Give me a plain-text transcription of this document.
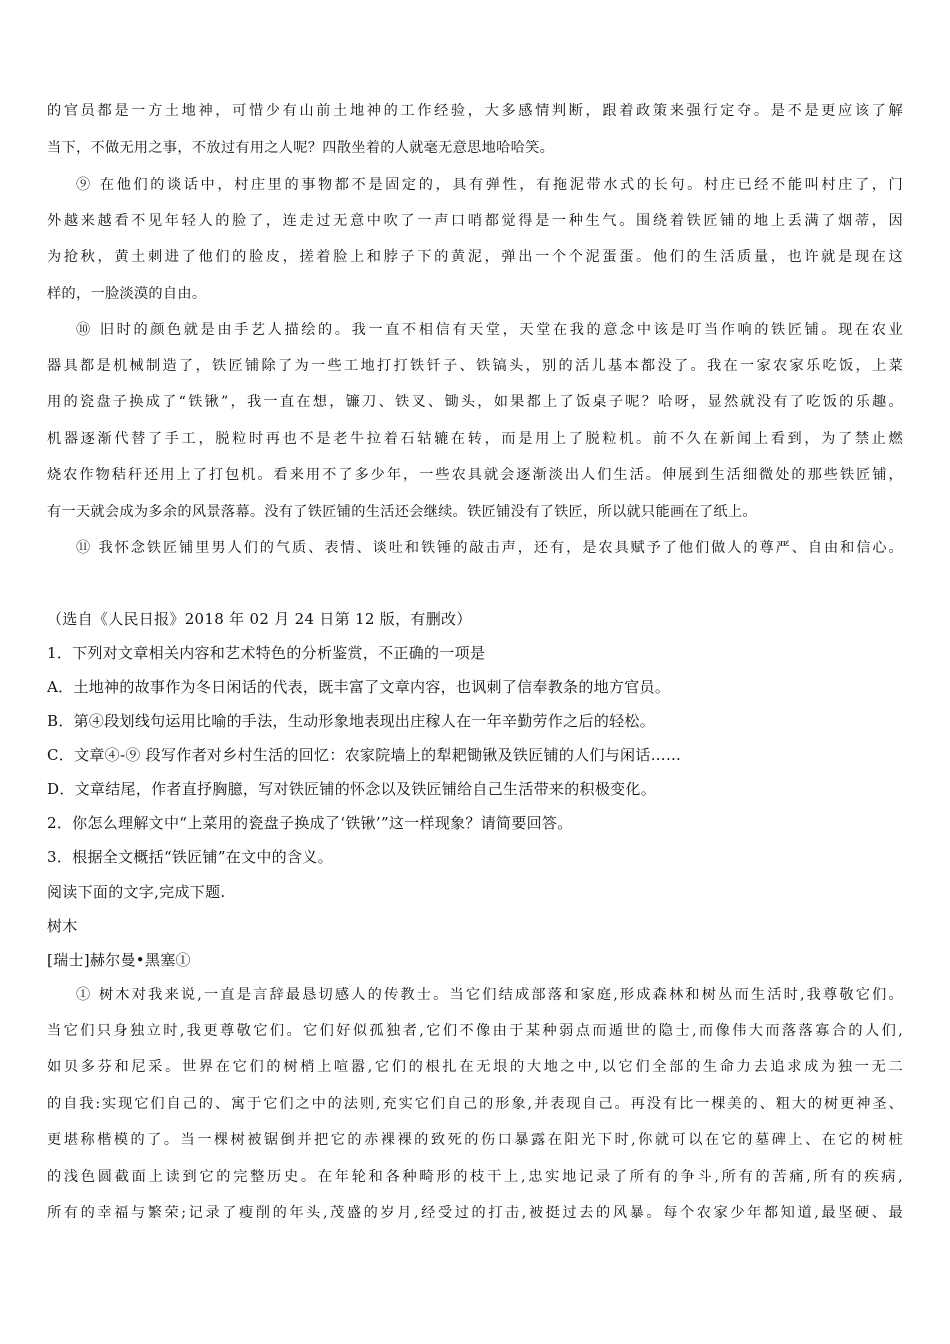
的官员都是一方土地神，可惜少有山前土地神的工作经验，大多感情判断，跟着政策来强行定夺。是不是更应该了解
当下，不做无用之事，不放过有用之人呢？四散坐着的人就毫无意思地哈哈笑。
⑨ 在他们的谈话中，村庄里的事物都不是固定的，具有弹性，有拖泥带水式的长句。村庄已经不能叫村庄了，门
外越来越看不见年轻人的脸了，连走过无意中吹了一声口哨都觉得是一种生气。围绕着铁匠铺的地上丢满了烟蒂，因
为抢秋，黄土刺进了他们的脸皮，搓着脸上和脖子下的黄泥，弹出一个个泥蛋蛋。他们的生活质量，也许就是现在这
样的，一脸淡漠的自由。
⑩ 旧时的颜色就是由手艺人描绘的。我一直不相信有天堂，天堂在我的意念中该是叮当作响的铁匠铺。现在农业
器具都是机械制造了，铁匠铺除了为一些工地打打铁钎子、铁镐头，别的活儿基本都没了。我在一家农家乐吃饭，上菜
用的瓷盘子换成了“铁锹”，我一直在想，镰刀、铁叉、锄头，如果都上了饭桌子呢？哈呀，显然就没有了吃饭的乐趣。
机器逐渐代替了手工，脱粒时再也不是老牛拉着石轱辘在转，而是用上了脱粒机。前不久在新闻上看到，为了禁止燃
烧农作物秸秆还用上了打包机。看来用不了多少年，一些农具就会逐渐淡出人们生活。伸展到生活细微处的那些铁匠铺，
有一天就会成为多余的风景落幕。没有了铁匠铺的生活还会继续。铁匠铺没有了铁匠，所以就只能画在了纸上。
⑪ 我怀念铁匠铺里男人们的气质、表情、谈吐和铁锤的敲击声，还有，是农具赋予了他们做人的尊严、自由和信心。
（选自《人民日报》2018 年 02 月 24 日第 12 版，有删改）
1．下列对文章相关内容和艺术特色的分析鉴赏，不正确的一项是
A．土地神的故事作为冬日闲话的代表，既丰富了文章内容，也讽刺了信奉教条的地方官员。
B．第④段划线句运用比喻的手法，生动形象地表现出庄稼人在一年辛勤劳作之后的轻松。
C．文章④-⑨ 段写作者对乡村生活的回忆：农家院墙上的犁耙锄锹及铁匠铺的人们与闲话……
D．文章结尾，作者直抒胸臆，写对铁匠铺的怀念以及铁匠铺给自己生活带来的积极变化。
2．你怎么理解文中“上菜用的瓷盘子换成了‘铁锹’”这一样现象？请简要回答。
3．根据全文概括“铁匠铺”在文中的含义。
阅读下面的文字,完成下题.
树木
[瑞士]赫尔曼•黑塞①
① 树木对我来说,一直是言辞最恳切感人的传教士。当它们结成部落和家庭,形成森林和树丛而生活时,我尊敬它们。
当它们只身独立时,我更尊敬它们。它们好似孤独者,它们不像由于某种弱点而遁世的隐士,而像伟大而落落寡合的人们,
如贝多芬和尼采。世界在它们的树梢上喧嚣,它们的根扎在无垠的大地之中,以它们全部的生命力去追求成为独一无二
的自我:实现它们自己的、寓于它们之中的法则,充实它们自己的形象,并表现自己。再没有比一棵美的、粗大的树更神圣、
更堪称楷模的了。当一棵树被锯倒并把它的赤裸裸的致死的伤口暴露在阳光下时,你就可以在它的墓碑上、在它的树桩
的浅色圆截面上读到它的完整历史。在年轮和各种畸形的枝干上,忠实地记录了所有的争斗,所有的苦痛,所有的疾病,
所有的幸福与繁荣;记录了瘦削的年头,茂盛的岁月,经受过的打击,被挺过去的风暴。每个农家少年都知道,最坚硬、最
